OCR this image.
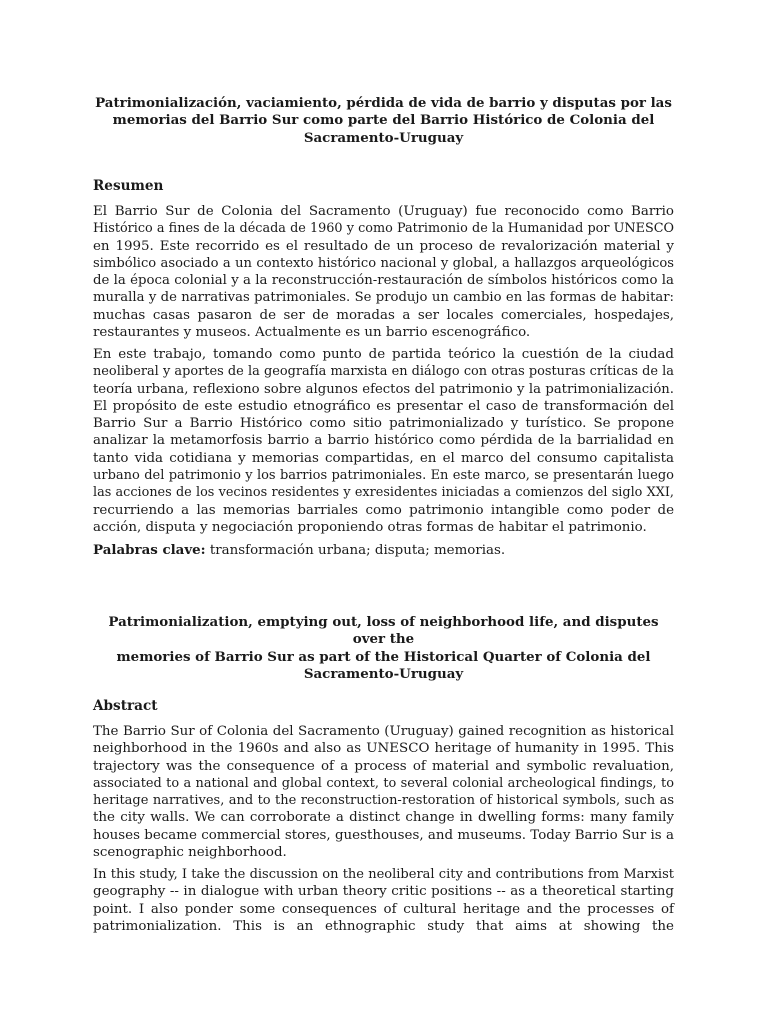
Patrimonialización, vaciamiento, pérdida de vida de barrio y disputas por las
memorias del Barrio Sur como parte del Barrio Histórico de Colonia del
Sacramento-Uruguay
Resumen
El Barrio Sur de Colonia del Sacramento (Uruguay) fue reconocido como Barrio
Histórico a fines de la década de 1960 y como Patrimonio de la Humanidad por UNESCO
en 1995. Este recorrido es el resultado de un proceso de revalorización material y
simbólico asociado a un contexto histórico nacional y global, a hallazgos arqueológicos
de la época colonial y a la reconstrucción-restauración de símbolos históricos como la
muralla y de narrativas patrimoniales. Se produjo un cambio en las formas de habitar:
muchas casas pasaron de ser de moradas a ser locales comerciales, hospedajes,
restaurantes y museos. Actualmente es un barrio escenográfico.
En este trabajo, tomando como punto de partida teórico la cuestión de la ciudad
neoliberal y aportes de la geografía marxista en diálogo con otras posturas críticas de la
teoría urbana, reflexiono sobre algunos efectos del patrimonio y la patrimonialización.
El propósito de este estudio etnográfico es presentar el caso de transformación del
Barrio Sur a Barrio Histórico como sitio patrimonializado y turístico. Se propone
analizar la metamorfosis barrio a barrio histórico como pérdida de la barrialidad en
tanto vida cotidiana y memorias compartidas, en el marco del consumo capitalista
urbano del patrimonio y los barrios patrimoniales. En este marco, se presentarán luego
las acciones de los vecinos residentes y exresidentes iniciadas a comienzos del siglo XXI,
recurriendo a las memorias barriales como patrimonio intangible como poder de
acción, disputa y negociación proponiendo otras formas de habitar el patrimonio.

Palabras clave: transformación urbana; disputa; memorias.

Patrimonialization, emptying out, loss of neighborhood life, and disputes over the
memories of Barrio Sur as part of the Historical Quarter of Colonia del
Sacramento-Uruguay
Abstract
The Barrio Sur of Colonia del Sacramento (Uruguay) gained recognition as historical
neighborhood in the 1960s and also as UNESCO heritage of humanity in 1995. This
trajectory was the consequence of a process of material and symbolic revaluation,
associated to a national and global context, to several colonial archeological findings, to
heritage narratives, and to the reconstruction-restoration of historical symbols, such as
the city walls. We can corroborate a distinct change in dwelling forms: many family
houses became commercial stores, guesthouses, and museums. Today Barrio Sur is a
scenographic neighborhood.
In this study, I take the discussion on the neoliberal city and contributions from Marxist
geography -- in dialogue with urban theory critic positions -- as a theoretical starting
point. I also ponder some consequences of cultural heritage and the processes of
patrimonialization. This is an ethnographic study that aims at showing the
